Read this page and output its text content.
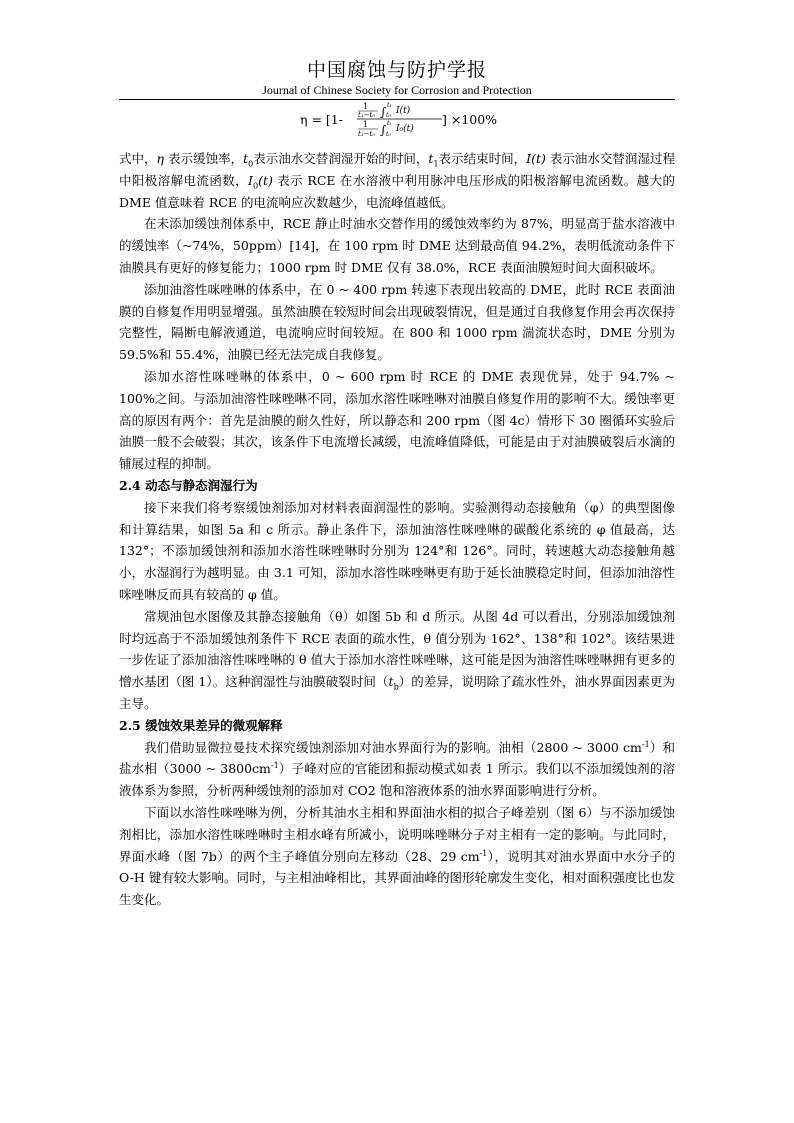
中国腐蚀与防护学报
Journal of Chinese Society for Corrosion and Protection
η = [1-
1
t₁−t₀ ∫ t₁
t₀ I(t)
1
t₁−t₀ ∫ t₁
t₀
I₀(t)
] ×100%

式中，η 表示缓蚀率，$t_0$表示油水交替润湿开始的时间，$t_1$表示结束时间，I(t) 表示油水交替润湿过程中阳极溶解电流函数，$I_0(t)$ 表示 RCE 在水溶液中利用脉冲电压形成的阳极溶解电流函数。越大的 DME 值意味着 RCE 的电流响应次数越少，电流峰值越低。

在未添加缓蚀剂体系中，RCE 静止时油水交替作用的缓蚀效率约为 87%，明显高于盐水溶液中的缓蚀率（~74%，50ppm）[14]，在 100 rpm 时 DME 达到最高值 94.2%，表明低流动条件下油膜具有更好的修复能力；1000 rpm 时 DME 仅有 38.0%，RCE 表面油膜短时间大面积破坏。

添加油溶性咪唑啉的体系中，在 0 ~ 400 rpm 转速下表现出较高的 DME，此时 RCE 表面油膜的自修复作用明显增强。虽然油膜在较短时间会出现破裂情况，但是通过自我修复作用会再次保持完整性，隔断电解液通道，电流响应时间较短。在 800 和 1000 rpm 湍流状态时，DME 分别为 59.5%和 55.4%，油膜已经无法完成自我修复。

添加水溶性咪唑啉的体系中，0 ~ 600 rpm 时 RCE 的 DME 表现优异，处于 94.7% ~ 100%之间。与添加油溶性咪唑啉不同，添加水溶性咪唑啉对油膜自修复作用的影响不大。缓蚀率更高的原因有两个：首先是油膜的耐久性好，所以静态和 200 rpm（图 4c）情形下 30 圈循环实验后油膜一般不会破裂；其次，该条件下电流增长减缓，电流峰值降低，可能是由于对油膜破裂后水滴的铺展过程的抑制。

2.4 动态与静态润湿行为

接下来我们将考察缓蚀剂添加对材料表面润湿性的影响。实验测得动态接触角（φ）的典型图像和计算结果，如图 5a 和 c 所示。静止条件下，添加油溶性咪唑啉的碳酸化系统的 φ 值最高，达 132°；不添加缓蚀剂和添加水溶性咪唑啉时分别为 124°和 126°。同时，转速越大动态接触角越小，水湿润行为越明显。由 3.1 可知，添加水溶性咪唑啉更有助于延长油膜稳定时间，但添加油溶性咪唑啉反而具有较高的 φ 值。

常规油包水图像及其静态接触角（θ）如图 5b 和 d 所示。从图 4d 可以看出，分别添加缓蚀剂时均远高于不添加缓蚀剂条件下 RCE 表面的疏水性，θ 值分别为 162°、138°和 102°。该结果进一步佐证了添加油溶性咪唑啉的 θ 值大于添加水溶性咪唑啉，这可能是因为油溶性咪唑啉拥有更多的憎水基团（图 1）。这种润湿性与油膜破裂时间$(t_b)$的差异，说明除了疏水性外，油水界面因素更为主导。

2.5 缓蚀效果差异的微观解释

我们借助显微拉曼技术探究缓蚀剂添加对油水界面行为的影响。油相（2800 ~ 3000 $cm^{-1}$）和盐水相（3000 ~ $3800cm^{-1}$）子峰对应的官能团和振动模式如表 1 所示。我们以不添加缓蚀剂的溶液体系为参照，分析两种缓蚀剂的添加对 CO2 饱和溶液体系的油水界面影响进行分析。

下面以水溶性咪唑啉为例，分析其油水主相和界面油水相的拟合子峰差别（图 6）与不添加缓蚀剂相比，添加水溶性咪唑啉时主相水峰有所减小，说明咪唑啉分子对主相有一定的影响。与此同时，界面水峰（图 7b）的两个主子峰值分别向左移动（28、29 $cm^{-1}$），说明其对油水界面中水分子的 O-H 键有较大影响。同时，与主相油峰相比，其界面油峰的图形轮廓发生变化，相对面积强度比也发生变化。
